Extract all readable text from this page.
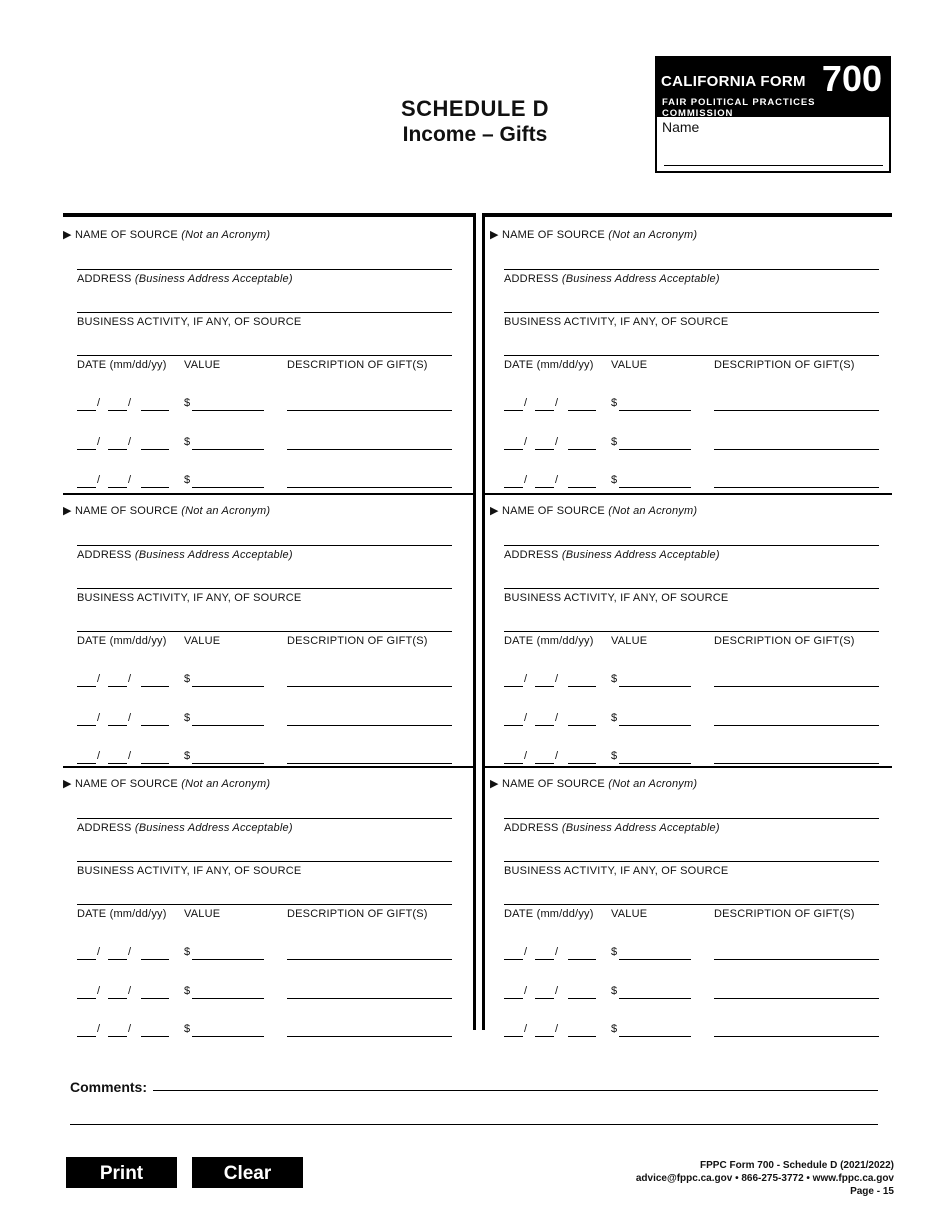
SCHEDULE D
Income – Gifts
CALIFORNIA FORM 700
FAIR POLITICAL PRACTICES COMMISSION
Name
▶ NAME OF SOURCE (Not an Acronym)
ADDRESS (Business Address Acceptable)
BUSINESS ACTIVITY, IF ANY, OF SOURCE
DATE (mm/dd/yy) VALUE	DESCRIPTION OF GIFT(S)
/	/	$
/	/	$
/	/	$
▶ NAME OF SOURCE (Not an Acronym)
ADDRESS (Business Address Acceptable)
BUSINESS ACTIVITY, IF ANY, OF SOURCE
DATE (mm/dd/yy) VALUE	DESCRIPTION OF GIFT(S)
/	/	$
/	/	$
/	/	$
▶ NAME OF SOURCE (Not an Acronym)
ADDRESS (Business Address Acceptable)
BUSINESS ACTIVITY, IF ANY, OF SOURCE
DATE (mm/dd/yy) VALUE	DESCRIPTION OF GIFT(S)
/	/	$
/	/	$
/	/	$
▶ NAME OF SOURCE (Not an Acronym)
ADDRESS (Business Address Acceptable)
BUSINESS ACTIVITY, IF ANY, OF SOURCE
DATE (mm/dd/yy) VALUE	DESCRIPTION OF GIFT(S)
/	/	$
/	/	$
/	/	$
▶ NAME OF SOURCE (Not an Acronym)
ADDRESS (Business Address Acceptable)
BUSINESS ACTIVITY, IF ANY, OF SOURCE
DATE (mm/dd/yy) VALUE	DESCRIPTION OF GIFT(S)
/	/	$
/	/	$
/	/	$
▶ NAME OF SOURCE (Not an Acronym)
ADDRESS (Business Address Acceptable)
BUSINESS ACTIVITY, IF ANY, OF SOURCE
DATE (mm/dd/yy) VALUE	DESCRIPTION OF GIFT(S)
/	/	$
/	/	$
/	/	$
Comments:
Print	Clear	FPPC Form 700 - Schedule D (2021/2022)
advice@fppc.ca.gov • 866-275-3772 • www.fppc.ca.gov
Page - 15
